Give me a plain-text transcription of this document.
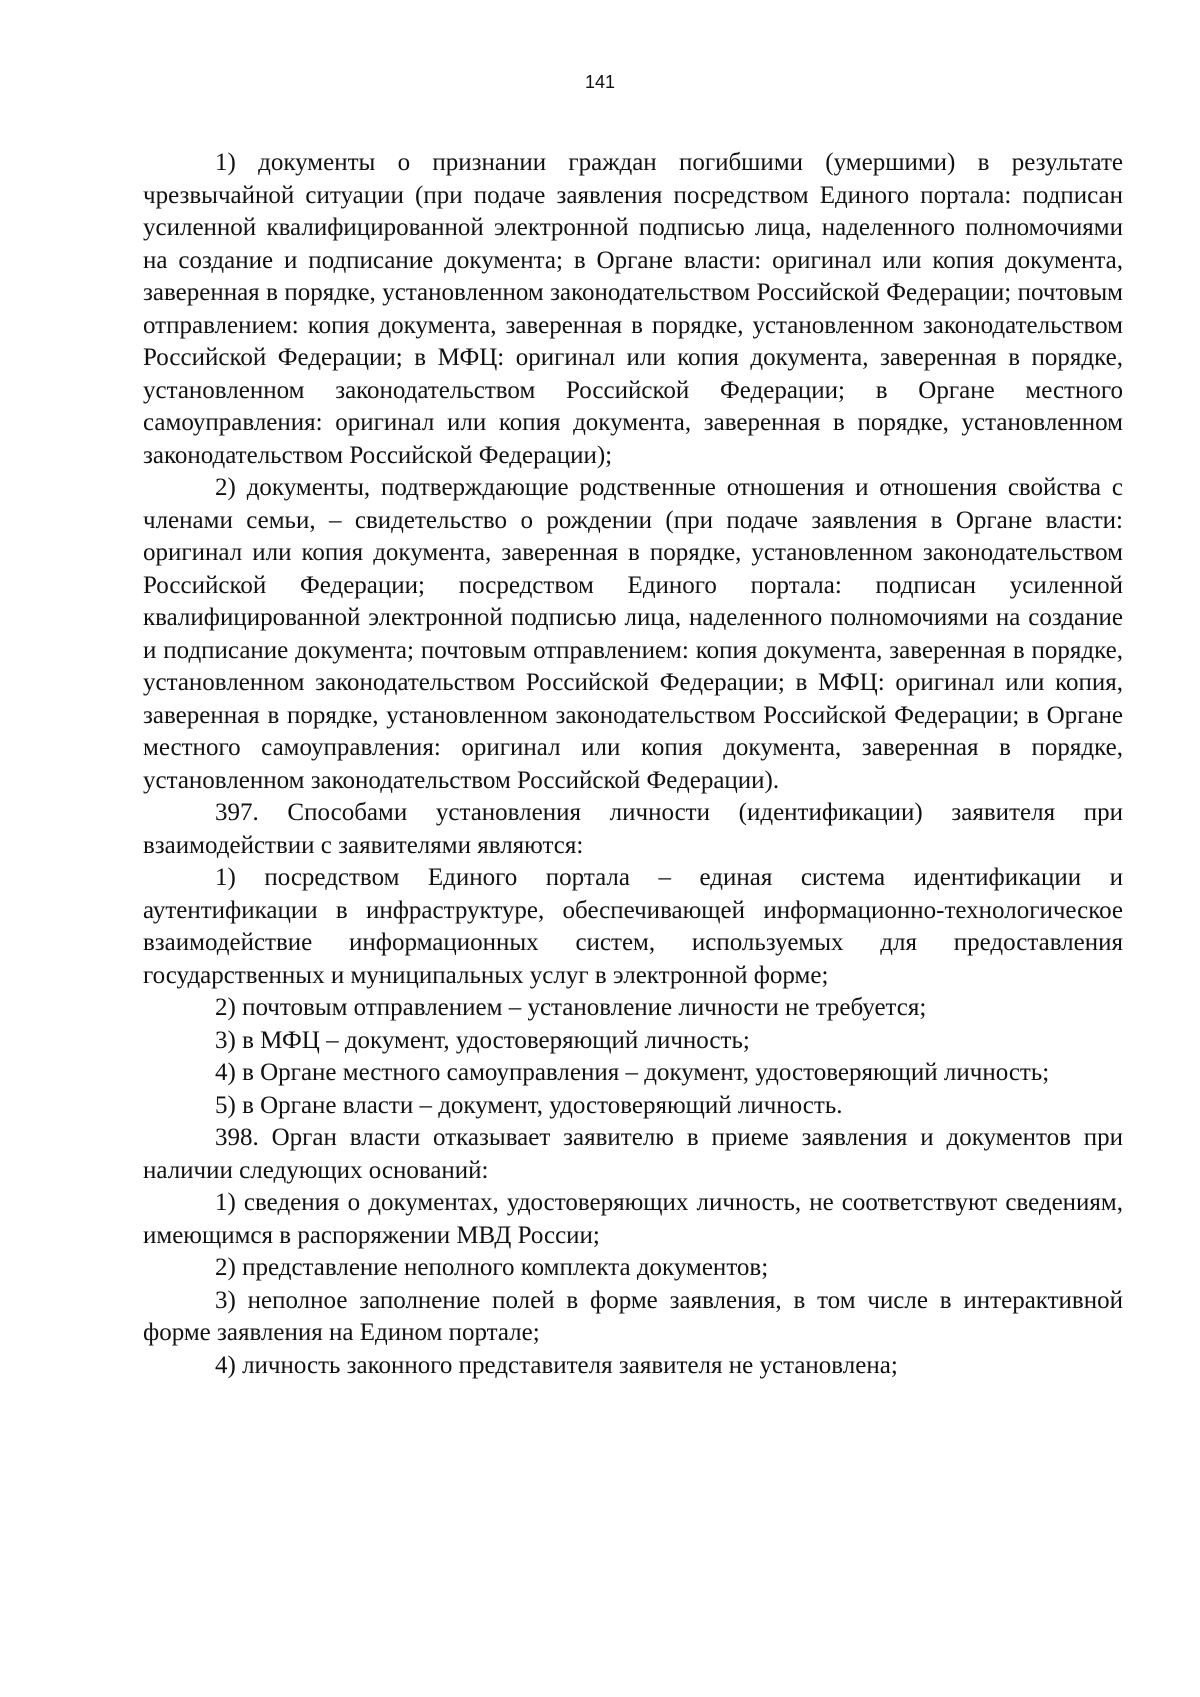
141

1) документы о признании граждан погибшими (умершими) в результате чрезвычайной ситуации (при подаче заявления посредством Единого портала: подписан усиленной квалифицированной электронной подписью лица, наделенного полномочиями на создание и подписание документа; в Органе власти: оригинал или копия документа, заверенная в порядке, установленном законодательством Российской Федерации; почтовым отправлением: копия документа, заверенная в порядке, установленном законодательством Российской Федерации; в МФЦ: оригинал или копия документа, заверенная в порядке, установленном законодательством Российской Федерации; в Органе местного самоуправления: оригинал или копия документа, заверенная в порядке, установленном законодательством Российской Федерации);

2) документы, подтверждающие родственные отношения и отношения свойства с членами семьи, – свидетельство о рождении (при подаче заявления в Органе власти: оригинал или копия документа, заверенная в порядке, установленном законодательством Российской Федерации; посредством Единого портала: подписан усиленной квалифицированной электронной подписью лица, наделенного полномочиями на создание и подписание документа; почтовым отправлением: копия документа, заверенная в порядке, установленном законодательством Российской Федерации; в МФЦ: оригинал или копия, заверенная в порядке, установленном законодательством Российской Федерации; в Органе местного самоуправления: оригинал или копия документа, заверенная в порядке, установленном законодательством Российской Федерации).

397. Способами установления личности (идентификации) заявителя при взаимодействии с заявителями являются:

1) посредством Единого портала – единая система идентификации и аутентификации в инфраструктуре, обеспечивающей информационно-технологическое взаимодействие информационных систем, используемых для предоставления государственных и муниципальных услуг в электронной форме;

2) почтовым отправлением – установление личности не требуется;

3) в МФЦ – документ, удостоверяющий личность;

4) в Органе местного самоуправления – документ, удостоверяющий личность;

5) в Органе власти – документ, удостоверяющий личность.

398. Орган власти отказывает заявителю в приеме заявления и документов при наличии следующих оснований:

1) сведения о документах, удостоверяющих личность, не соответствуют сведениям, имеющимся в распоряжении МВД России;

2) представление неполного комплекта документов;

3) неполное заполнение полей в форме заявления, в том числе в интерактивной форме заявления на Едином портале;

4) личность законного представителя заявителя не установлена;
